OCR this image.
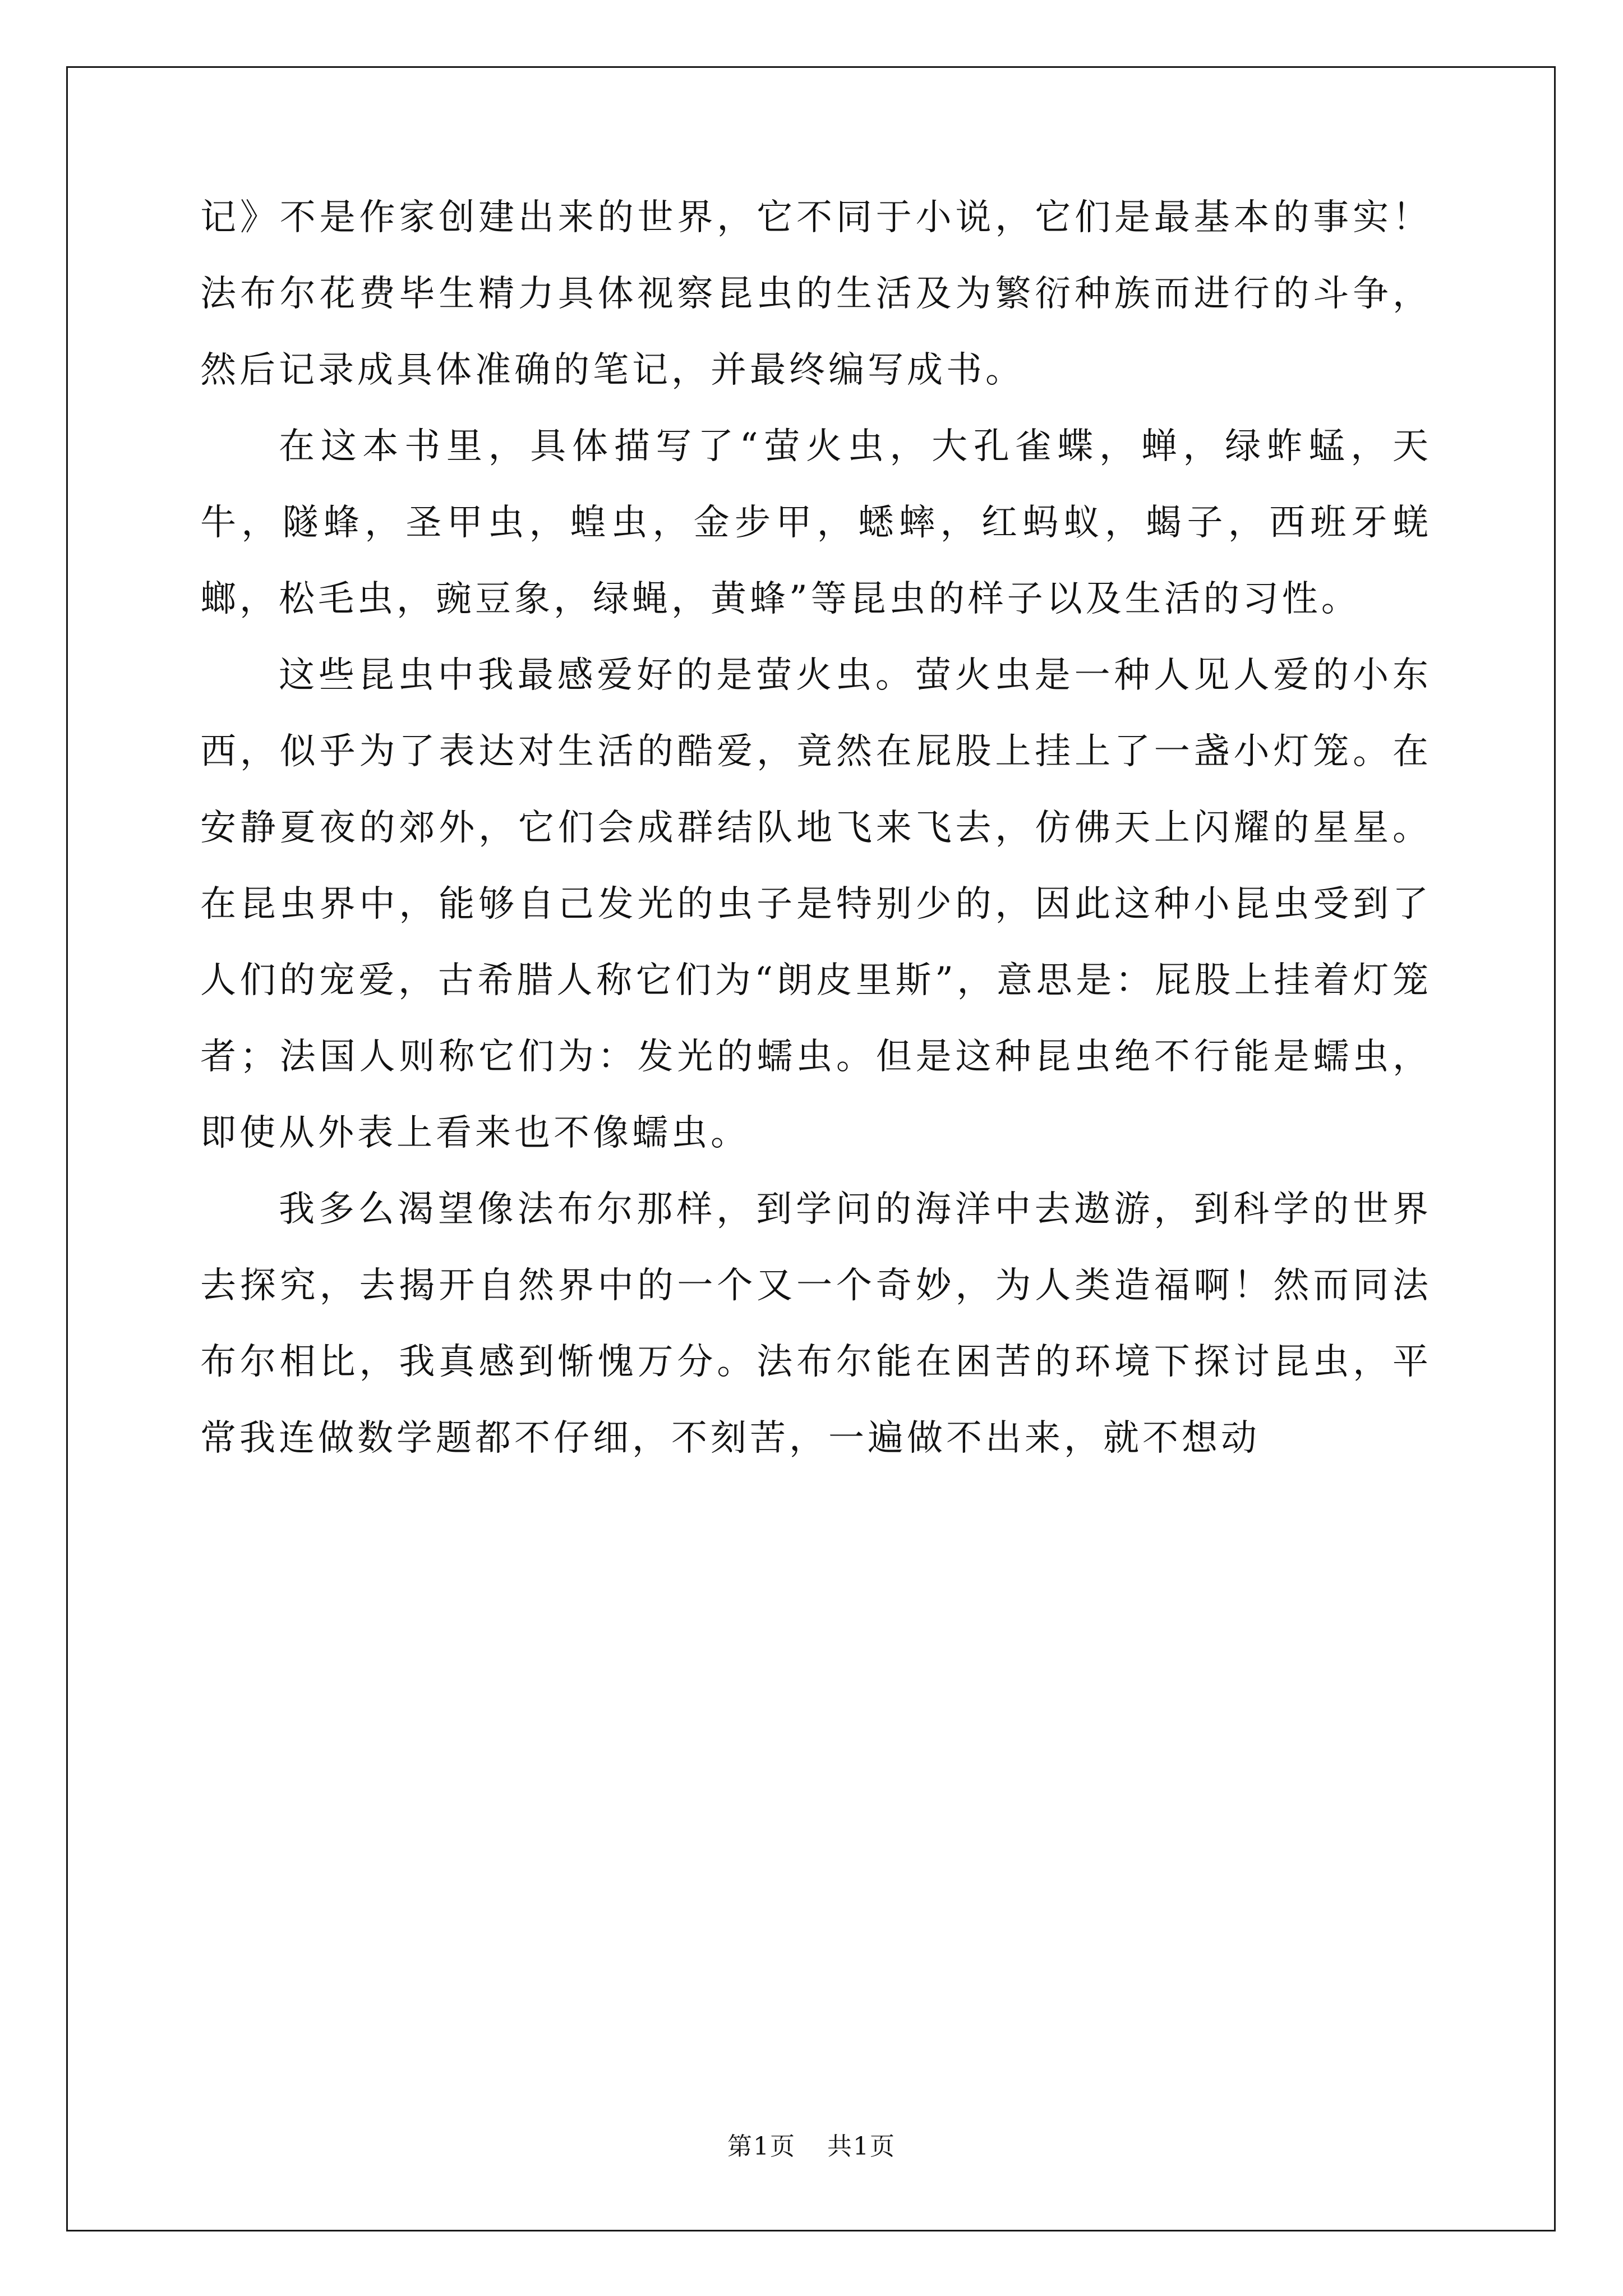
记》不是作家创建出来的世界，它不同于小说，它们是最基本的事实！法布尔花费毕生精力具体视察昆虫的生活及为繁衍种族而进行的斗争，然后记录成具体准确的笔记，并最终编写成书。

在这本书里，具体描写了“萤火虫，大孔雀蝶，蝉，绿蚱蜢，天牛，隧蜂，圣甲虫，蝗虫，金步甲，蟋蟀，红蚂蚁，蝎子，西班牙蜣螂，松毛虫，豌豆象，绿蝇，黄蜂”等昆虫的样子以及生活的习性。

这些昆虫中我最感爱好的是萤火虫。萤火虫是一种人见人爱的小东西，似乎为了表达对生活的酷爱，竟然在屁股上挂上了一盏小灯笼。在安静夏夜的郊外，它们会成群结队地飞来飞去，仿佛天上闪耀的星星。在昆虫界中，能够自己发光的虫子是特别少的，因此这种小昆虫受到了人们的宠爱，古希腊人称它们为“朗皮里斯”，意思是：屁股上挂着灯笼者；法国人则称它们为：发光的蠕虫。但是这种昆虫绝不行能是蠕虫，即使从外表上看来也不像蠕虫。

我多么渴望像法布尔那样，到学问的海洋中去遨游，到科学的世界去探究，去揭开自然界中的一个又一个奇妙，为人类造福啊！然而同法布尔相比，我真感到惭愧万分。法布尔能在困苦的环境下探讨昆虫，平常我连做数学题都不仔细，不刻苦，一遍做不出来，就不想动

第1页 共1页
